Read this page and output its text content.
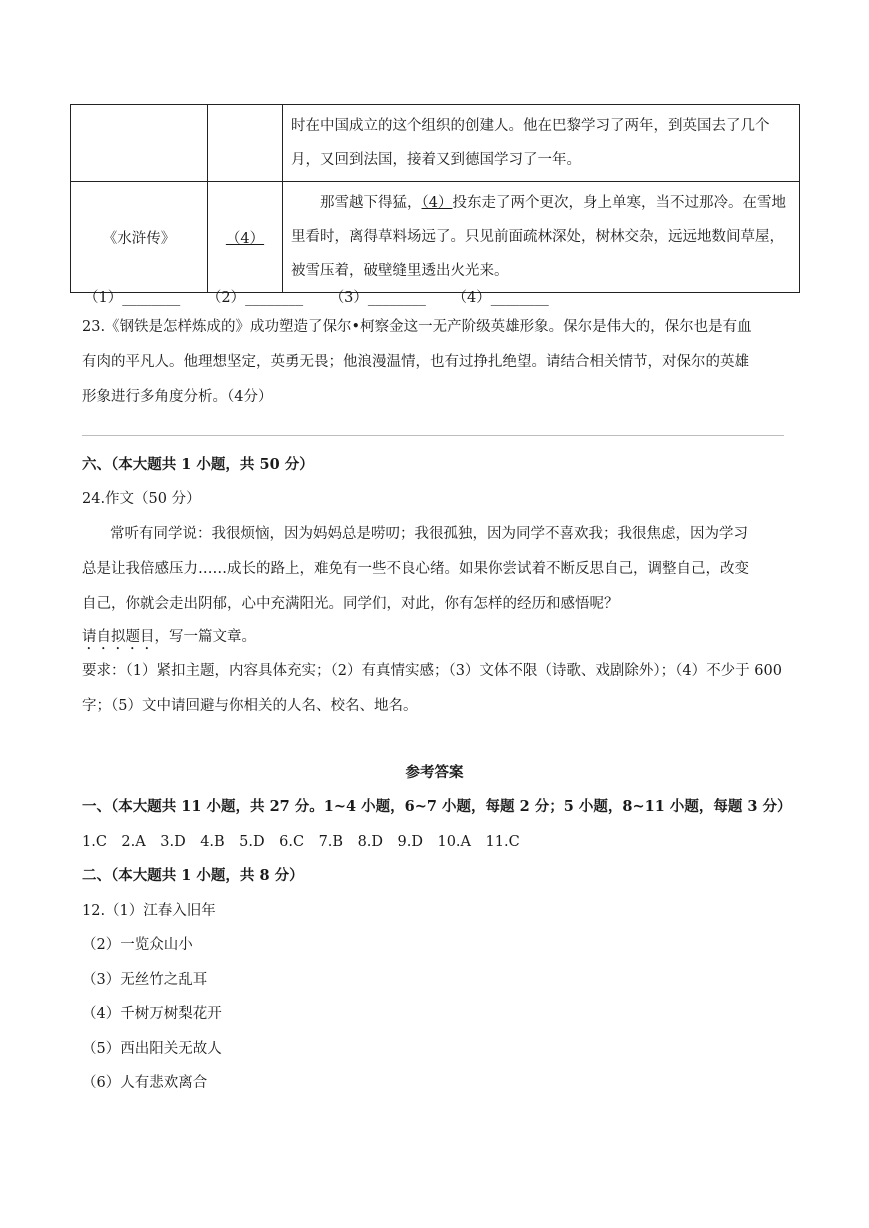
		时在中国成立的这个组织的创建人。他在巴黎学习了两年，到英国去了几个月，又回到法国，接着又到德国学习了一年。

《水浒传》	（4）	那雪越下得猛，（4）投东走了两个更次，身上单寒，当不过那冷。在雪地里看时，离得草料场远了。只见前面疏林深处，树林交杂，远远地数间草屋，被雪压着，破壁缝里透出火光来。
（1）________ （2）________ （3）________ （4）________
23.《钢铁是怎样炼成的》成功塑造了保尔•柯察金这一无产阶级英雄形象。保尔是伟大的，保尔也是有血
有肉的平凡人。他理想坚定，英勇无畏；他浪漫温情，也有过挣扎绝望。请结合相关情节，对保尔的英雄
形象进行多角度分析。（4分）
六、（本大题共 1 小题，共 50 分）
24.作文（50 分）
常听有同学说：我很烦恼，因为妈妈总是唠叨；我很孤独，因为同学不喜欢我；我很焦虑，因为学习
总是让我倍感压力……成长的路上，难免有一些不良心绪。如果你尝试着不断反思自己，调整自己，改变
自己，你就会走出阴郁，心中充满阳光。同学们，对此，你有怎样的经历和感悟呢？
请自拟题目，写一篇文章。
要求：（1）紧扣主题，内容具体充实；（2）有真情实感；（3）文体不限（诗歌、戏剧除外）；（4）不少于 600
字；（5）文中请回避与你相关的人名、校名、地名。
参考答案
一、（本大题共 11 小题，共 27 分。1~4 小题，6~7 小题，每题 2 分；5 小题，8~11 小题，每题 3 分）
1.C　2.A　3.D　4.B　5.D　6.C　7.B　8.D　9.D　10.A　11.C
二、（本大题共 1 小题，共 8 分）
12.（1）江春入旧年
（2）一览众山小
（3）无丝竹之乱耳
（4）千树万树梨花开
（5）西出阳关无故人
（6）人有悲欢离合
